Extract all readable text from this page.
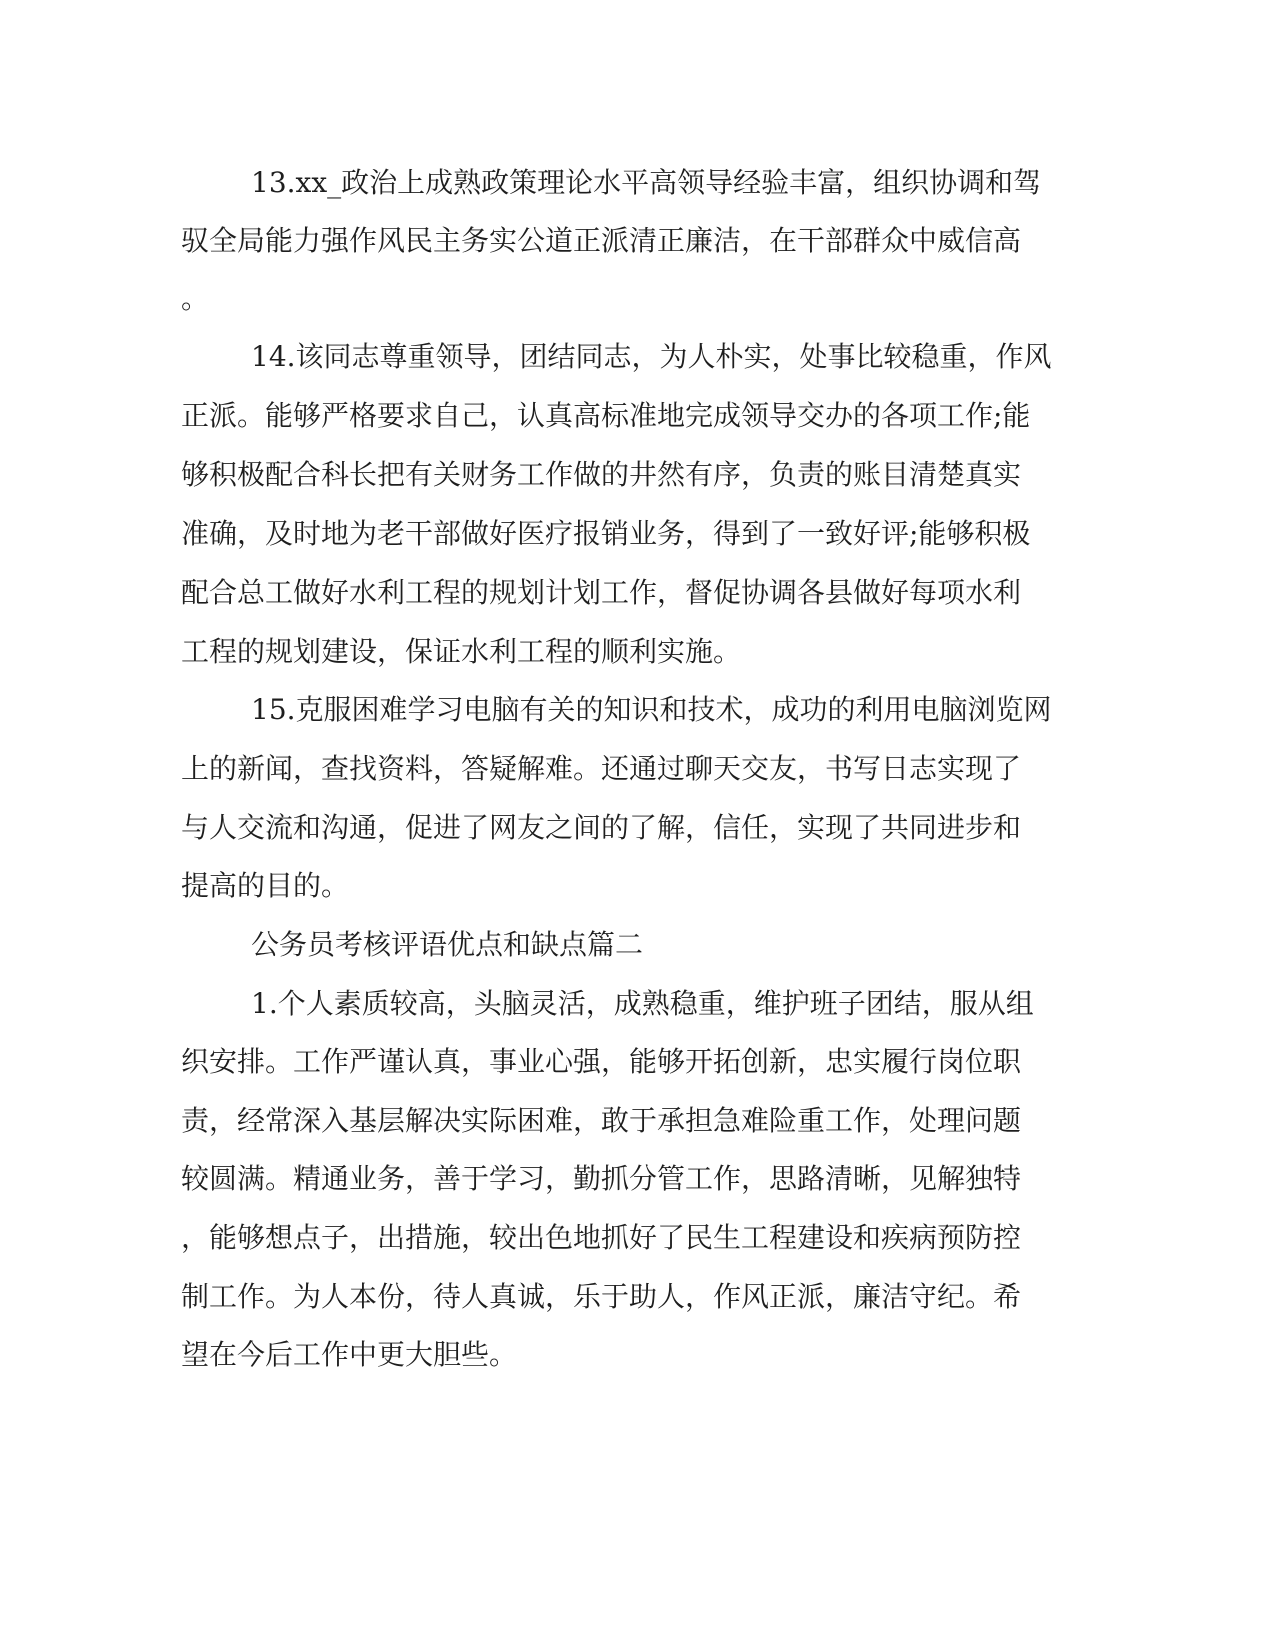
13.xx_政治上成熟政策理论水平高领导经验丰富，组织协调和驾
驭全局能力强作风民主务实公道正派清正廉洁，在干部群众中威信高
。
14.该同志尊重领导，团结同志，为人朴实，处事比较稳重，作风
正派。能够严格要求自己，认真高标准地完成领导交办的各项工作;能
够积极配合科长把有关财务工作做的井然有序，负责的账目清楚真实
准确，及时地为老干部做好医疗报销业务，得到了一致好评;能够积极
配合总工做好水利工程的规划计划工作，督促协调各县做好每项水利
工程的规划建设，保证水利工程的顺利实施。
15.克服困难学习电脑有关的知识和技术，成功的利用电脑浏览网
上的新闻，查找资料，答疑解难。还通过聊天交友，书写日志实现了
与人交流和沟通，促进了网友之间的了解，信任，实现了共同进步和
提高的目的。
公务员考核评语优点和缺点篇二
1.个人素质较高，头脑灵活，成熟稳重，维护班子团结，服从组
织安排。工作严谨认真，事业心强，能够开拓创新，忠实履行岗位职
责，经常深入基层解决实际困难，敢于承担急难险重工作，处理问题
较圆满。精通业务，善于学习，勤抓分管工作，思路清晰，见解独特
，能够想点子，出措施，较出色地抓好了民生工程建设和疾病预防控
制工作。为人本份，待人真诚，乐于助人，作风正派，廉洁守纪。希
望在今后工作中更大胆些。
